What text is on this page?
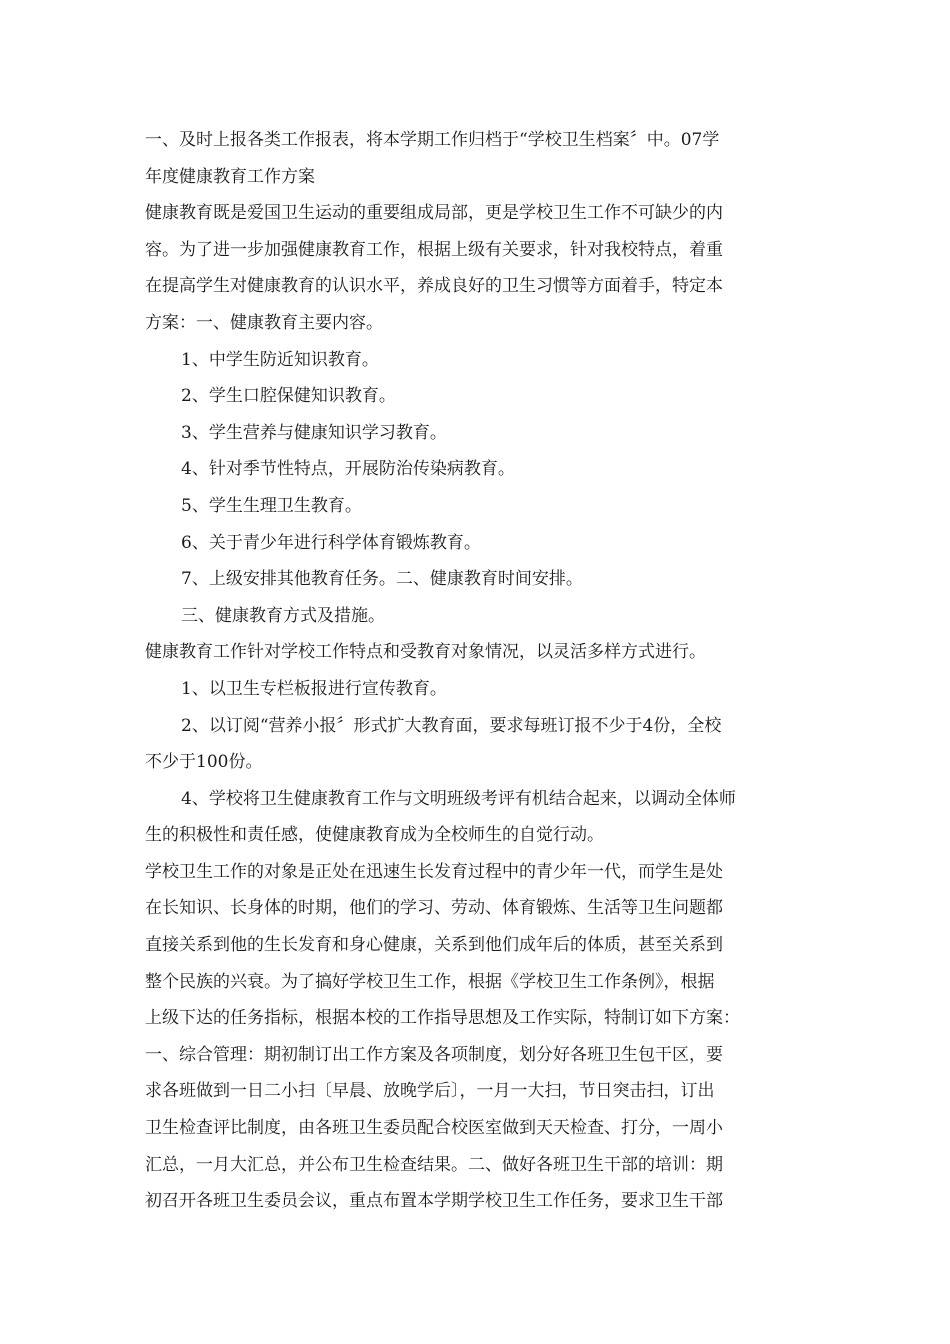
一、及时上报各类工作报表，将本学期工作归档于“学校卫生档案〞中。07学
年度健康教育工作方案
健康教育既是爱国卫生运动的重要组成局部，更是学校卫生工作不可缺少的内
容。为了进一步加强健康教育工作，根据上级有关要求，针对我校特点，着重
在提高学生对健康教育的认识水平，养成良好的卫生习惯等方面着手，特定本
方案：一、健康教育主要内容。
1、中学生防近知识教育。
2、学生口腔保健知识教育。
3、学生营养与健康知识学习教育。
4、针对季节性特点，开展防治传染病教育。
5、学生生理卫生教育。
6、关于青少年进行科学体育锻炼教育。
7、上级安排其他教育任务。二、健康教育时间安排。
三、健康教育方式及措施。
健康教育工作针对学校工作特点和受教育对象情况，以灵活多样方式进行。
1、以卫生专栏板报进行宣传教育。
2、以订阅“营养小报〞形式扩大教育面，要求每班订报不少于4份，全校
不少于100份。
4、学校将卫生健康教育工作与文明班级考评有机结合起来，以调动全体师
生的积极性和责任感，使健康教育成为全校师生的自觉行动。
学校卫生工作的对象是正处在迅速生长发育过程中的青少年一代，而学生是处
在长知识、长身体的时期，他们的学习、劳动、体育锻炼、生活等卫生问题都
直接关系到他的生长发育和身心健康，关系到他们成年后的体质，甚至关系到
整个民族的兴衰。为了搞好学校卫生工作，根据《学校卫生工作条例》，根据
上级下达的任务指标，根据本校的工作指导思想及工作实际，特制订如下方案：
一、综合管理：期初制订出工作方案及各项制度，划分好各班卫生包干区，要
求各班做到一日二小扫〔早晨、放晚学后〕，一月一大扫，节日突击扫，订出
卫生检查评比制度，由各班卫生委员配合校医室做到天天检查、打分，一周小
汇总，一月大汇总，并公布卫生检查结果。二、做好各班卫生干部的培训：期
初召开各班卫生委员会议，重点布置本学期学校卫生工作任务，要求卫生干部
